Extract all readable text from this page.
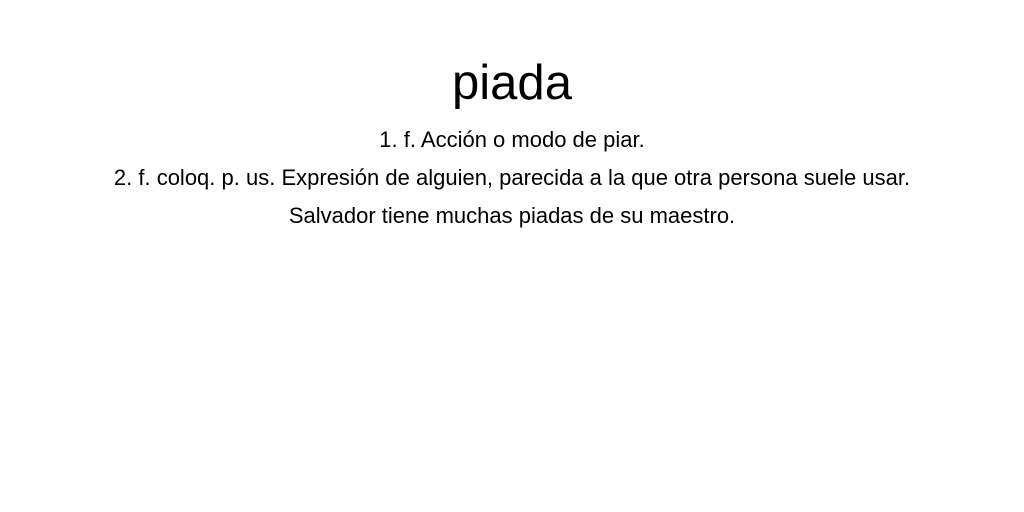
piada

1. f. Acción o modo de piar.

2. f. coloq. p. us. Expresión de alguien, parecida a la que otra persona suele usar. Salvador tiene muchas piadas de su maestro.
